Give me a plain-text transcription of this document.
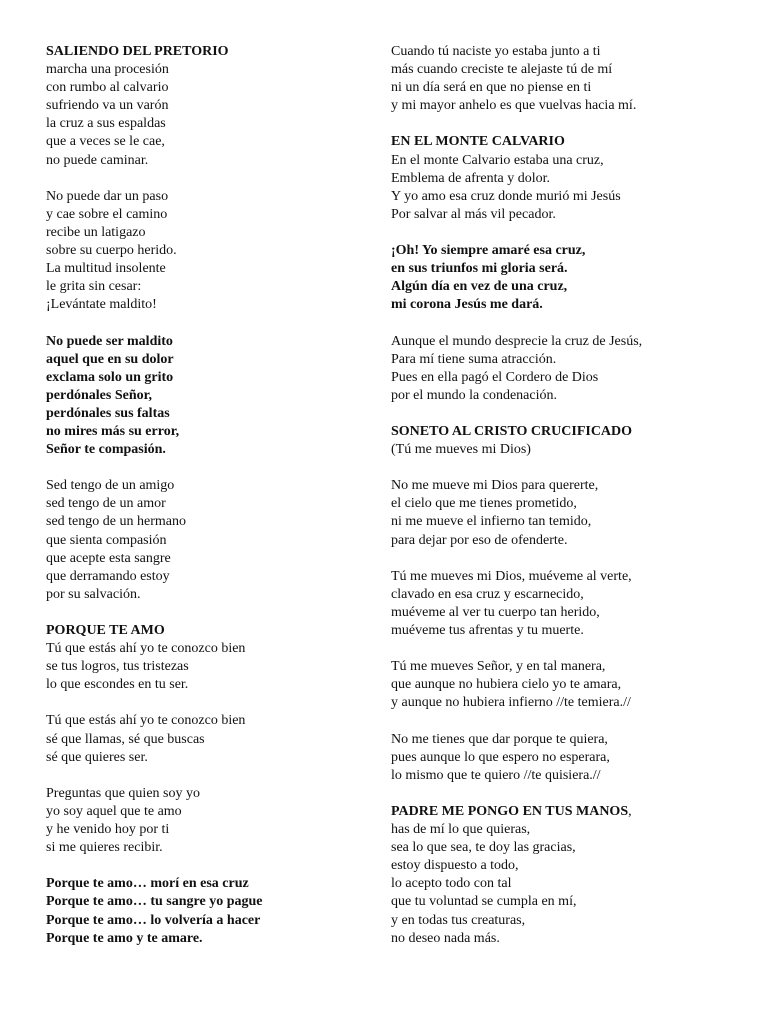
SALIENDO DEL PRETORIO
marcha una procesión
con rumbo al calvario
sufriendo va un varón
la cruz a sus espaldas
que a veces se le cae,
no puede caminar.
No puede dar un paso
y cae sobre el camino
recibe un latigazo
sobre su cuerpo herido.
La multitud insolente
le grita sin cesar:
¡Levántate maldito!
No puede ser maldito
aquel que en su dolor
exclama solo un grito
perdónales Señor,
perdónales sus faltas
no mires más su error,
Señor te compasión.
Sed tengo de un amigo
sed tengo de un amor
sed tengo de un hermano
que sienta compasión
que acepte esta sangre
que derramando estoy
por su salvación.
PORQUE TE AMO
Tú que estás ahí yo te conozco bien
se tus logros, tus tristezas
lo que escondes en tu ser.
Tú que estás ahí yo te conozco bien
sé que llamas, sé que buscas
sé que quieres ser.
Preguntas que quien soy yo
yo soy aquel que te amo
y he venido hoy por ti
si me quieres recibir.
Porque te amo… morí en esa cruz
Porque te amo… tu sangre yo pague
Porque te amo… lo volvería a hacer
Porque te amo y te amare.
Cuando tú naciste yo estaba junto a ti
más cuando creciste te alejaste tú de mí
ni un día será en que no piense en ti
y mi mayor anhelo es que vuelvas hacia mí.
EN EL MONTE CALVARIO
En el monte Calvario estaba una cruz,
Emblema de afrenta y dolor.
Y yo amo esa cruz donde murió mi Jesús
Por salvar al más vil pecador.
¡Oh! Yo siempre amaré esa cruz,
en sus triunfos mi gloria será.
Algún día en vez de una cruz,
mi corona Jesús me dará.
Aunque el mundo desprecie la cruz de Jesús,
Para mí tiene suma atracción.
Pues en ella pagó el Cordero de Dios
por el mundo la condenación.
SONETO AL CRISTO CRUCIFICADO
(Tú me mueves mi Dios)
No me mueve mi Dios para quererte,
el cielo que me tienes prometido,
ni me mueve el infierno tan temido,
para dejar por eso de ofenderte.
Tú me mueves mi Dios, muéveme al verte,
clavado en esa cruz y escarnecido,
muéveme al ver tu cuerpo tan herido,
muéveme tus afrentas y tu muerte.
Tú me mueves Señor, y en tal manera,
que aunque no hubiera cielo yo te amara,
y aunque no hubiera infierno //te temiera.//
No me tienes que dar porque te quiera,
pues aunque lo que espero no esperara,
lo mismo que te quiero //te quisiera.//
PADRE ME PONGO EN TUS MANOS,
has de mí lo que quieras,
sea lo que sea, te doy las gracias,
estoy dispuesto a todo,
lo acepto todo con tal
que tu voluntad se cumpla en mí,
y en todas tus creaturas,
no deseo nada más.
